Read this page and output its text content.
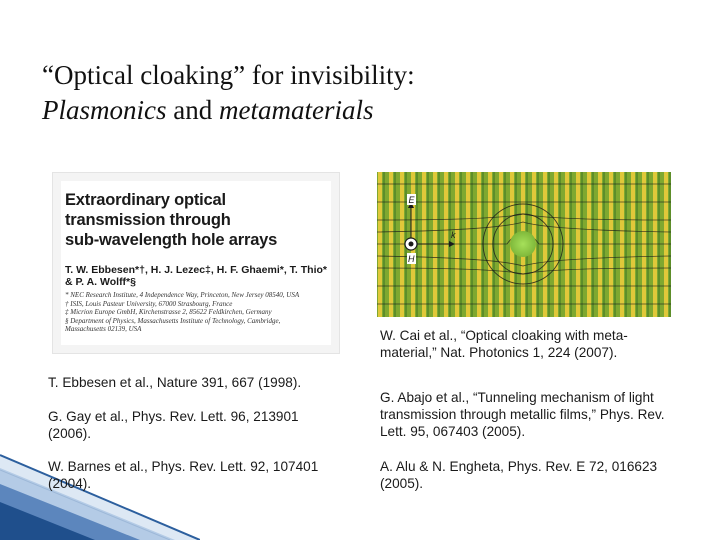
“Optical cloaking” for invisibility:
Plasmonics and metamaterials
Extraordinary optical
transmission through
sub-wavelength hole arrays
T. W. Ebbesen*†, H. J. Lezec‡, H. F. Ghaemi*, T. Thio*
& P. A. Wolff*§
* NEC Research Institute, 4 Independence Way, Princeton, New Jersey 08540, USA
† ISIS, Louis Pasteur University, 67000 Strasbourg, France
‡ Micrion Europe GmbH, Kirchenstrasse 2, 85622 Feldkirchen, Germany
§ Department of Physics, Massachusetts Institute of Technology, Cambridge,
Massachusetts 02139, USA
E
k
H
W. Cai et al., “Optical cloaking with meta-material,” Nat. Photonics 1, 224 (2007).
T. Ebbesen et al., Nature 391, 667 (1998).
G. Abajo et al., “Tunneling mechanism of light transmission through metallic films,” Phys. Rev. Lett. 95, 067403 (2005).
G. Gay et al., Phys. Rev. Lett. 96, 213901 (2006).
W. Barnes et al., Phys. Rev. Lett. 92, 107401 (2004).
A. Alu & N. Engheta, Phys. Rev. E 72, 016623 (2005).
